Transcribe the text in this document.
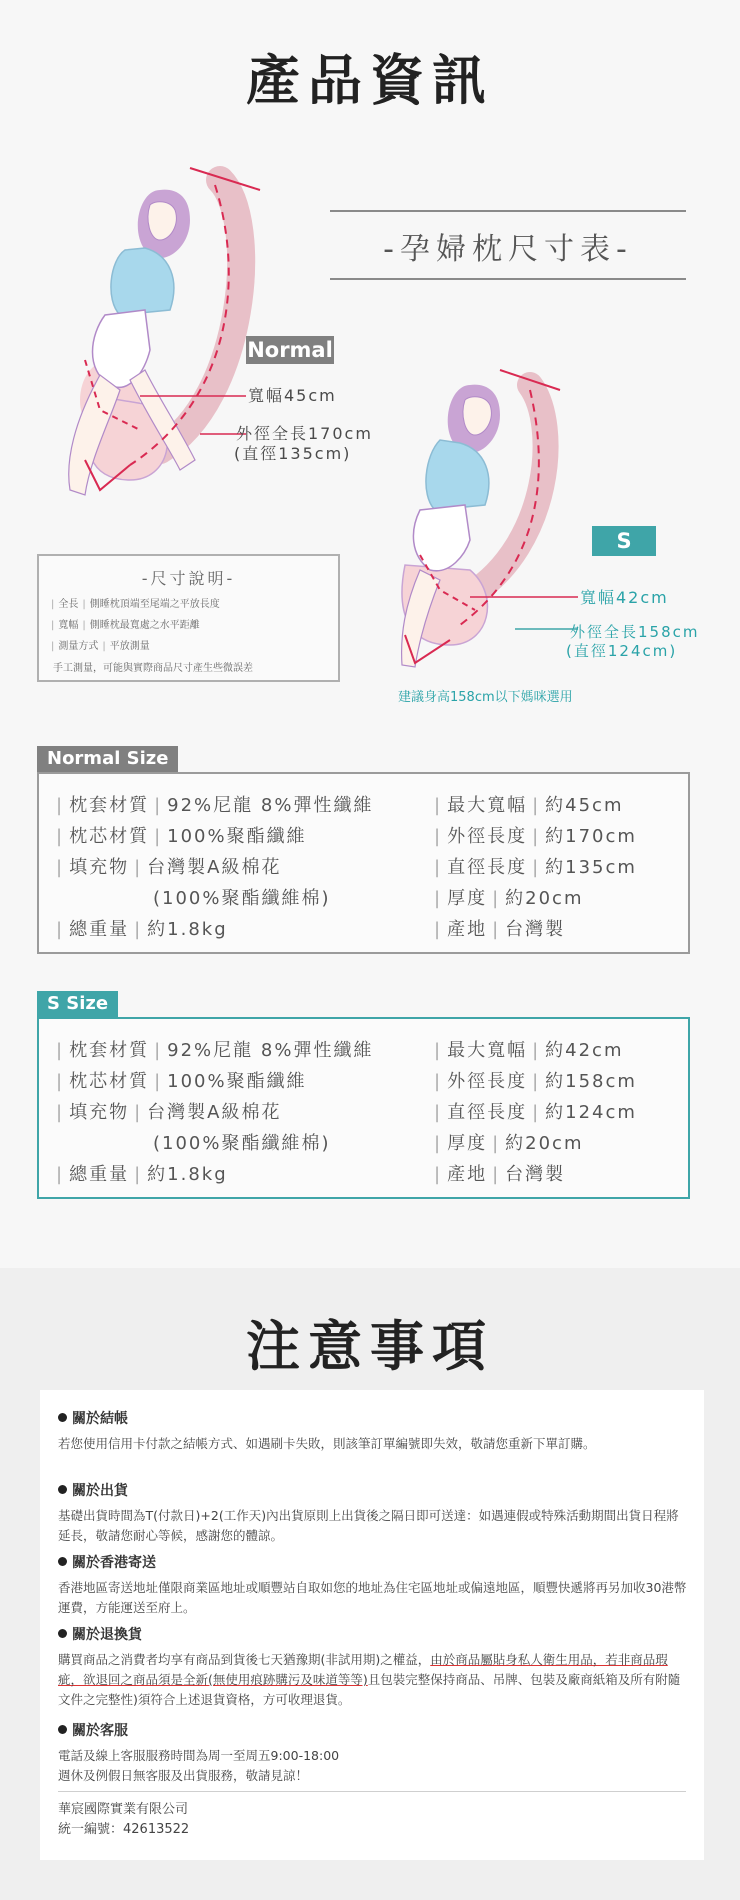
產品資訊
-孕婦枕尺寸表-
Normal
寬幅45cm
外徑全長170cm
(直徑135cm)
S
寬幅42cm
外徑全長158cm
(直徑124cm)
-尺寸說明-
| 全長 | 側睡枕頂端至尾端之平放長度
| 寬幅 | 側睡枕最寬處之水平距離
| 測量方式 | 平放測量
手工測量，可能與實際商品尺寸產生些微誤差
建議身高158cm以下媽咪選用
Normal Size
| 枕套材質 | 92%尼龍 8%彈性纖維
| 枕芯材質 | 100%聚酯纖維
| 填充物 | 台灣製A級棉花
(100%聚酯纖維棉)
| 總重量 | 約1.8kg
| 最大寬幅 | 約45cm
| 外徑長度 | 約170cm
| 直徑長度 | 約135cm
| 厚度 | 約20cm
| 產地 | 台灣製
S Size
| 枕套材質 | 92%尼龍 8%彈性纖維
| 枕芯材質 | 100%聚酯纖維
| 填充物 | 台灣製A級棉花
(100%聚酯纖維棉)
| 總重量 | 約1.8kg
| 最大寬幅 | 約42cm
| 外徑長度 | 約158cm
| 直徑長度 | 約124cm
| 厚度 | 約20cm
| 產地 | 台灣製
注意事項
關於結帳
若您使用信用卡付款之結帳方式、如遇刷卡失敗，則該筆訂單編號即失效，敬請您重新下單訂購。
關於出貨
基礎出貨時間為T(付款日)+2(工作天)內出貨原則上出貨後之隔日即可送達：如遇連假或特殊活動期間出貨日程將延長，敬請您耐心等候，感謝您的體諒。
關於香港寄送
香港地區寄送地址僅限商業區地址或順豐站自取如您的地址為住宅區地址或偏遠地區，順豐快遞將再另加收30港幣運費，方能運送至府上。
關於退換貨
購買商品之消費者均享有商品到貨後七天猶豫期(非試用期)之權益，由於商品屬貼身私人衛生用品，若非商品瑕疵，欲退回之商品須是全新(無使用痕跡購污及味道等等)且包裝完整保持商品、吊牌、包裝及廠商紙箱及所有附隨文件之完整性)須符合上述退貨資格，方可收理退貨。
關於客服
電話及線上客服服務時間為周一至周五9:00-18:00
週休及例假日無客服及出貨服務，敬請見諒！
華宸國際實業有限公司
統一編號：42613522
